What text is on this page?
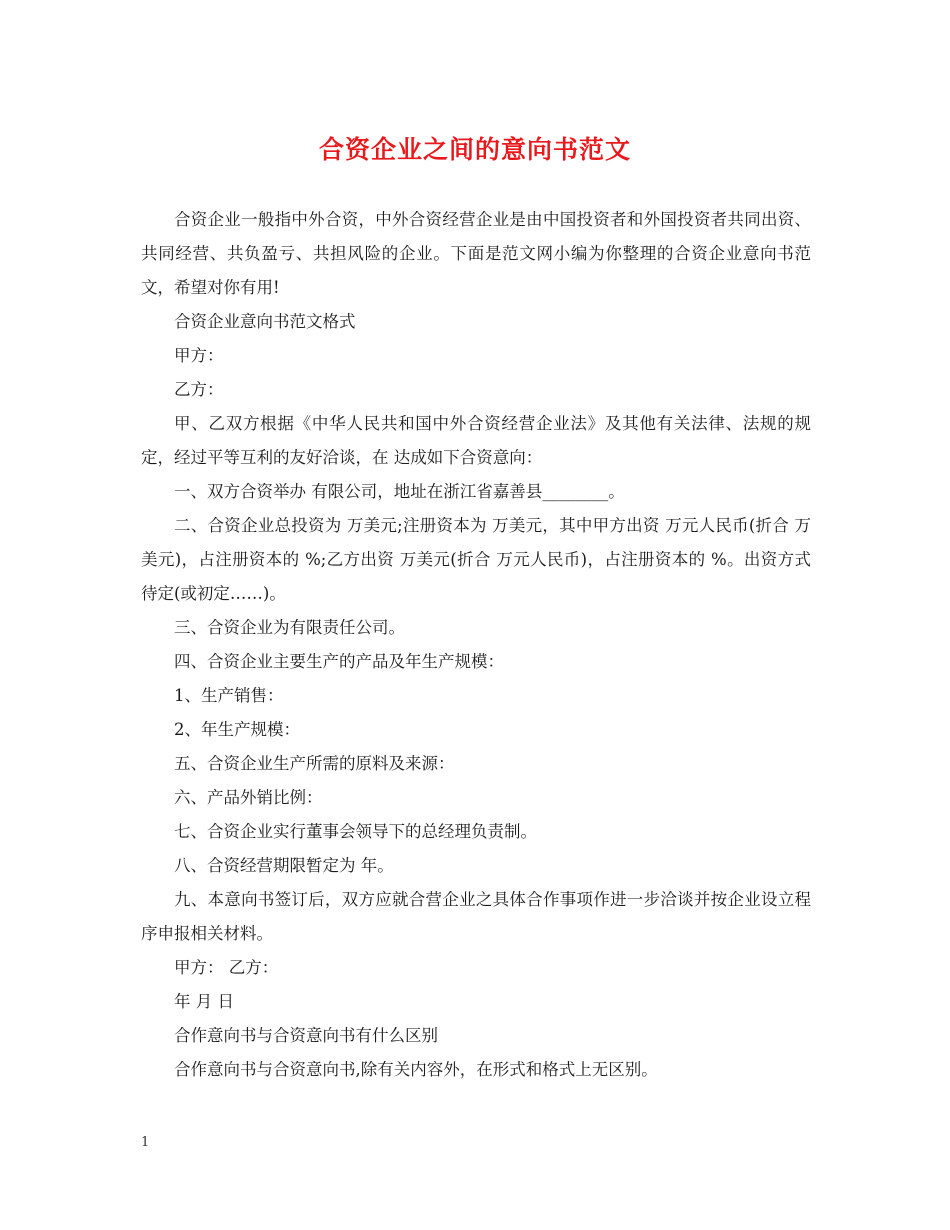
合资企业之间的意向书范文

合资企业一般指中外合资，中外合资经营企业是由中国投资者和外国投资者共同出资、共同经营、共负盈亏、共担风险的企业。下面是范文网小编为你整理的合资企业意向书范文，希望对你有用!

合资企业意向书范文格式

甲方：

乙方：

甲、乙双方根据《中华人民共和国中外合资经营企业法》及其他有关法律、法规的规定，经过平等互利的友好洽谈，在 达成如下合资意向：

一、双方合资举办 有限公司，地址在浙江省嘉善县________。

二、合资企业总投资为 万美元;注册资本为 万美元，其中甲方出资 万元人民币(折合 万美元)，占注册资本的 %;乙方出资 万美元(折合 万元人民币)，占注册资本的 %。出资方式待定(或初定……)。

三、合资企业为有限责任公司。

四、合资企业主要生产的产品及年生产规模：

1、生产销售：

2、年生产规模：

五、合资企业生产所需的原料及来源：

六、产品外销比例：

七、合资企业实行董事会领导下的总经理负责制。

八、合资经营期限暂定为 年。

九、本意向书签订后，双方应就合营企业之具体合作事项作进一步洽谈并按企业设立程序申报相关材料。

甲方： 乙方：

年 月 日

合作意向书与合资意向书有什么区别

合作意向书与合资意向书,除有关内容外，在形式和格式上无区别。

1
